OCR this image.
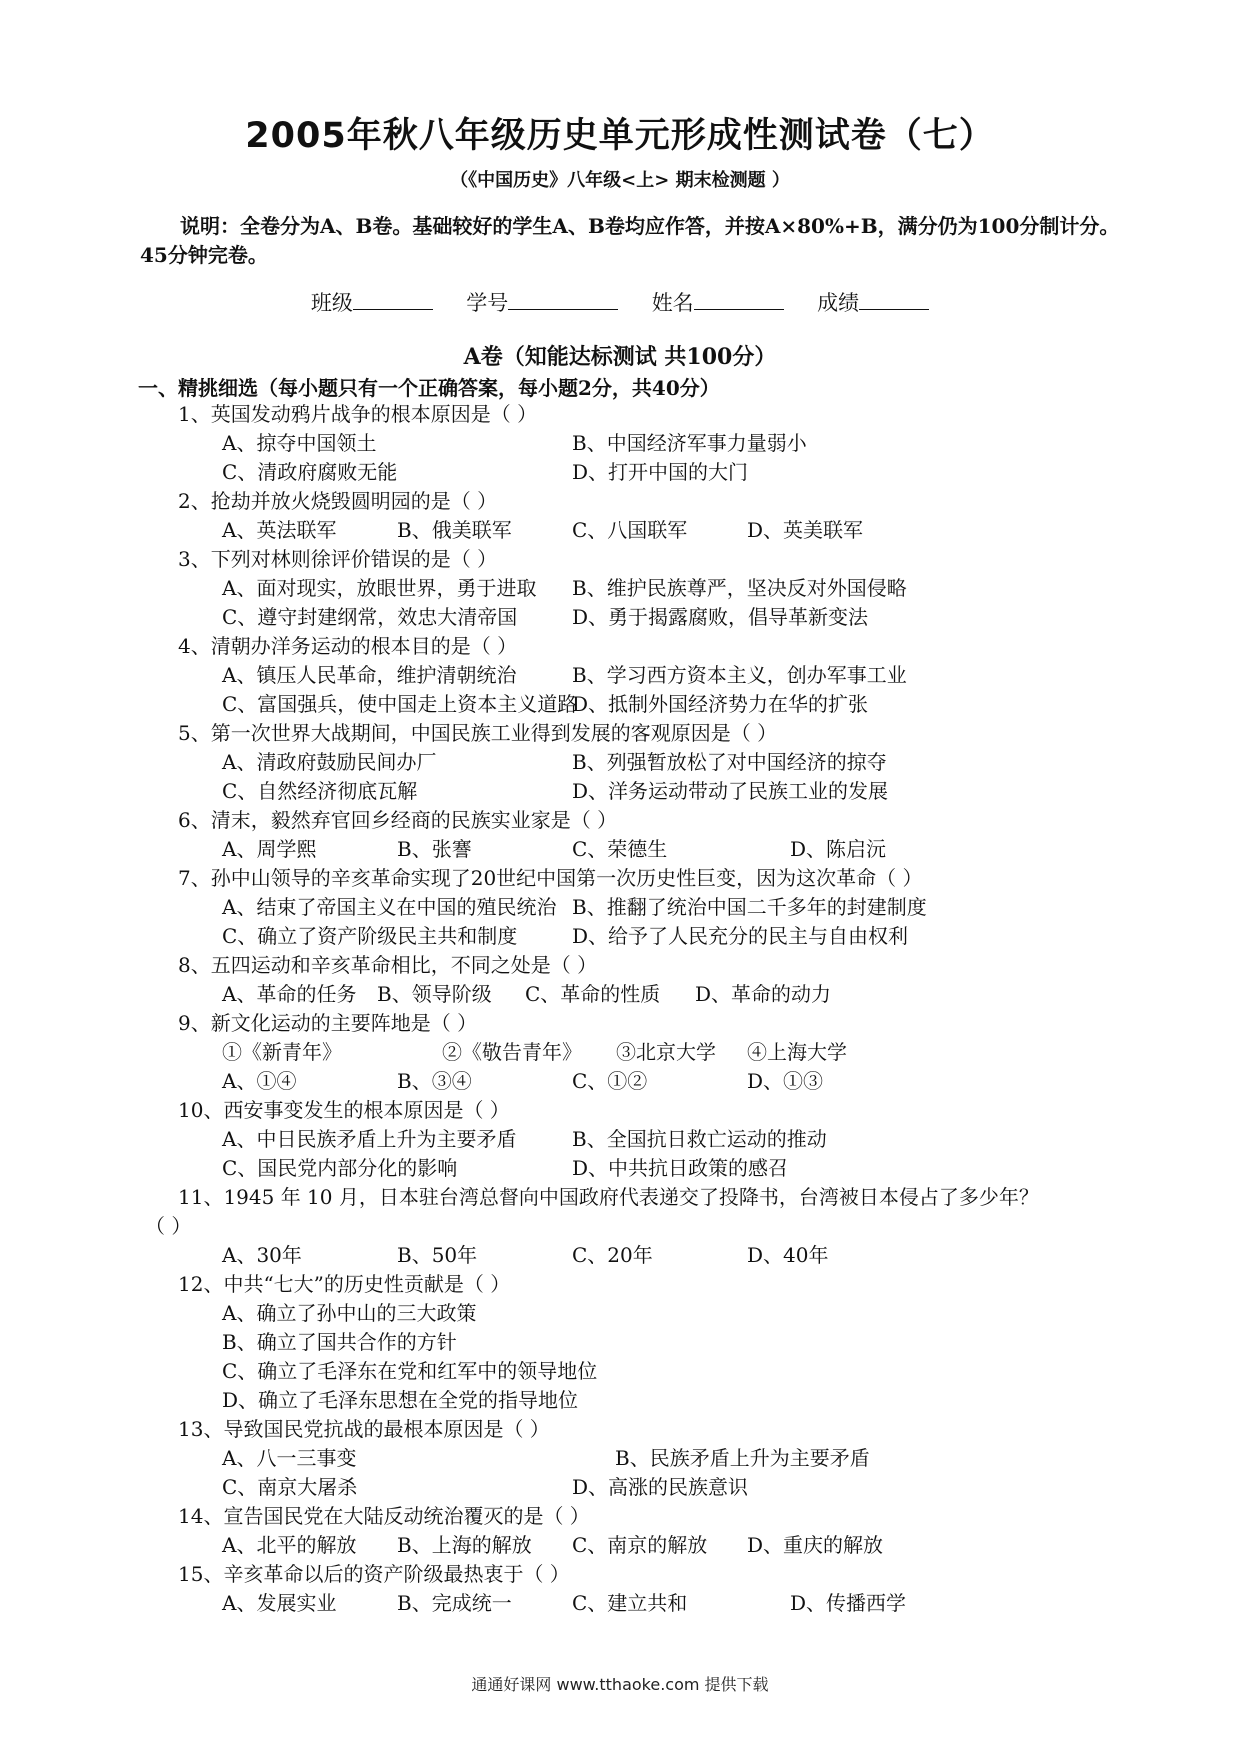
2005年秋八年级历史单元形成性测试卷（七）
（《中国历史》八年级<上> 期末检测题 ）
说明：全卷分为A、B卷。基础较好的学生A、B卷均应作答，并按A×80%+B，满分仍为100分制计分。45分钟完卷。
班级	学号	姓名	成绩
A卷（知能达标测试 共100分）
一、精挑细选（每小题只有一个正确答案，每小题2分，共40分）
1、英国发动鸦片战争的根本原因是（ ）
A、掠夺中国领土	B、中国经济军事力量弱小
C、清政府腐败无能	D、打开中国的大门
2、抢劫并放火烧毁圆明园的是（ ）
A、英法联军	B、俄美联军	C、八国联军	D、英美联军
3、下列对林则徐评价错误的是（ ）
A、面对现实，放眼世界，勇于进取 B、维护民族尊严，坚决反对外国侵略
C、遵守封建纲常，效忠大清帝国	D、勇于揭露腐败，倡导革新变法
4、清朝办洋务运动的根本目的是（ ）
A、镇压人民革命，维护清朝统治	B、学习西方资本主义，创办军事工业
C、富国强兵，使中国走上资本主义道路
D、抵制外国经济势力在华的扩张
5、第一次世界大战期间，中国民族工业得到发展的客观原因是（ ）
A、清政府鼓励民间办厂	B、列强暂放松了对中国经济的掠夺
C、自然经济彻底瓦解	D、洋务运动带动了民族工业的发展
6、清末，毅然弃官回乡经商的民族实业家是（ ）
A、周学熙	B、张謇	C、荣德生	D、陈启沅
7、孙中山领导的辛亥革命实现了20世纪中国第一次历史性巨变，因为这次革命（ ）
A、结束了帝国主义在中国的殖民统治 B、推翻了统治中国二千多年的封建制度
C、确立了资产阶级民主共和制度	D、给予了人民充分的民主与自由权利
8、五四运动和辛亥革命相比，不同之处是（ ）
A、革命的任务 B、领导阶级 C、革命的性质 D、革命的动力
9、新文化运动的主要阵地是（ ）
①《新青年》	②《敬告青年》 ③北京大学 ④上海大学
A、①④	B、③④	C、①②	D、①③
10、西安事变发生的根本原因是（ ）
A、中日民族矛盾上升为主要矛盾	B、全国抗日救亡运动的推动
C、国民党内部分化的影响	D、中共抗日政策的感召
11、1945 年 10 月，日本驻台湾总督向中国政府代表递交了投降书，台湾被日本侵占了多少年？
（ ）
A、30年	B、50年	C、20年	D、40年
12、中共“七大”的历史性贡献是（ ）
A、确立了孙中山的三大政策
B、确立了国共合作的方针
C、确立了毛泽东在党和红军中的领导地位
D、确立了毛泽东思想在全党的指导地位
13、导致国民党抗战的最根本原因是（ ）
A、八一三事变	B、民族矛盾上升为主要矛盾
C、南京大屠杀	D、高涨的民族意识
14、宣告国民党在大陆反动统治覆灭的是（ ）
A、北平的解放 B、上海的解放 C、南京的解放 D、重庆的解放
15、辛亥革命以后的资产阶级最热衷于（ ）
A、发展实业	B、完成统一	C、建立共和	D、传播西学
通通好课网 www.tthaoke.com 提供下载
